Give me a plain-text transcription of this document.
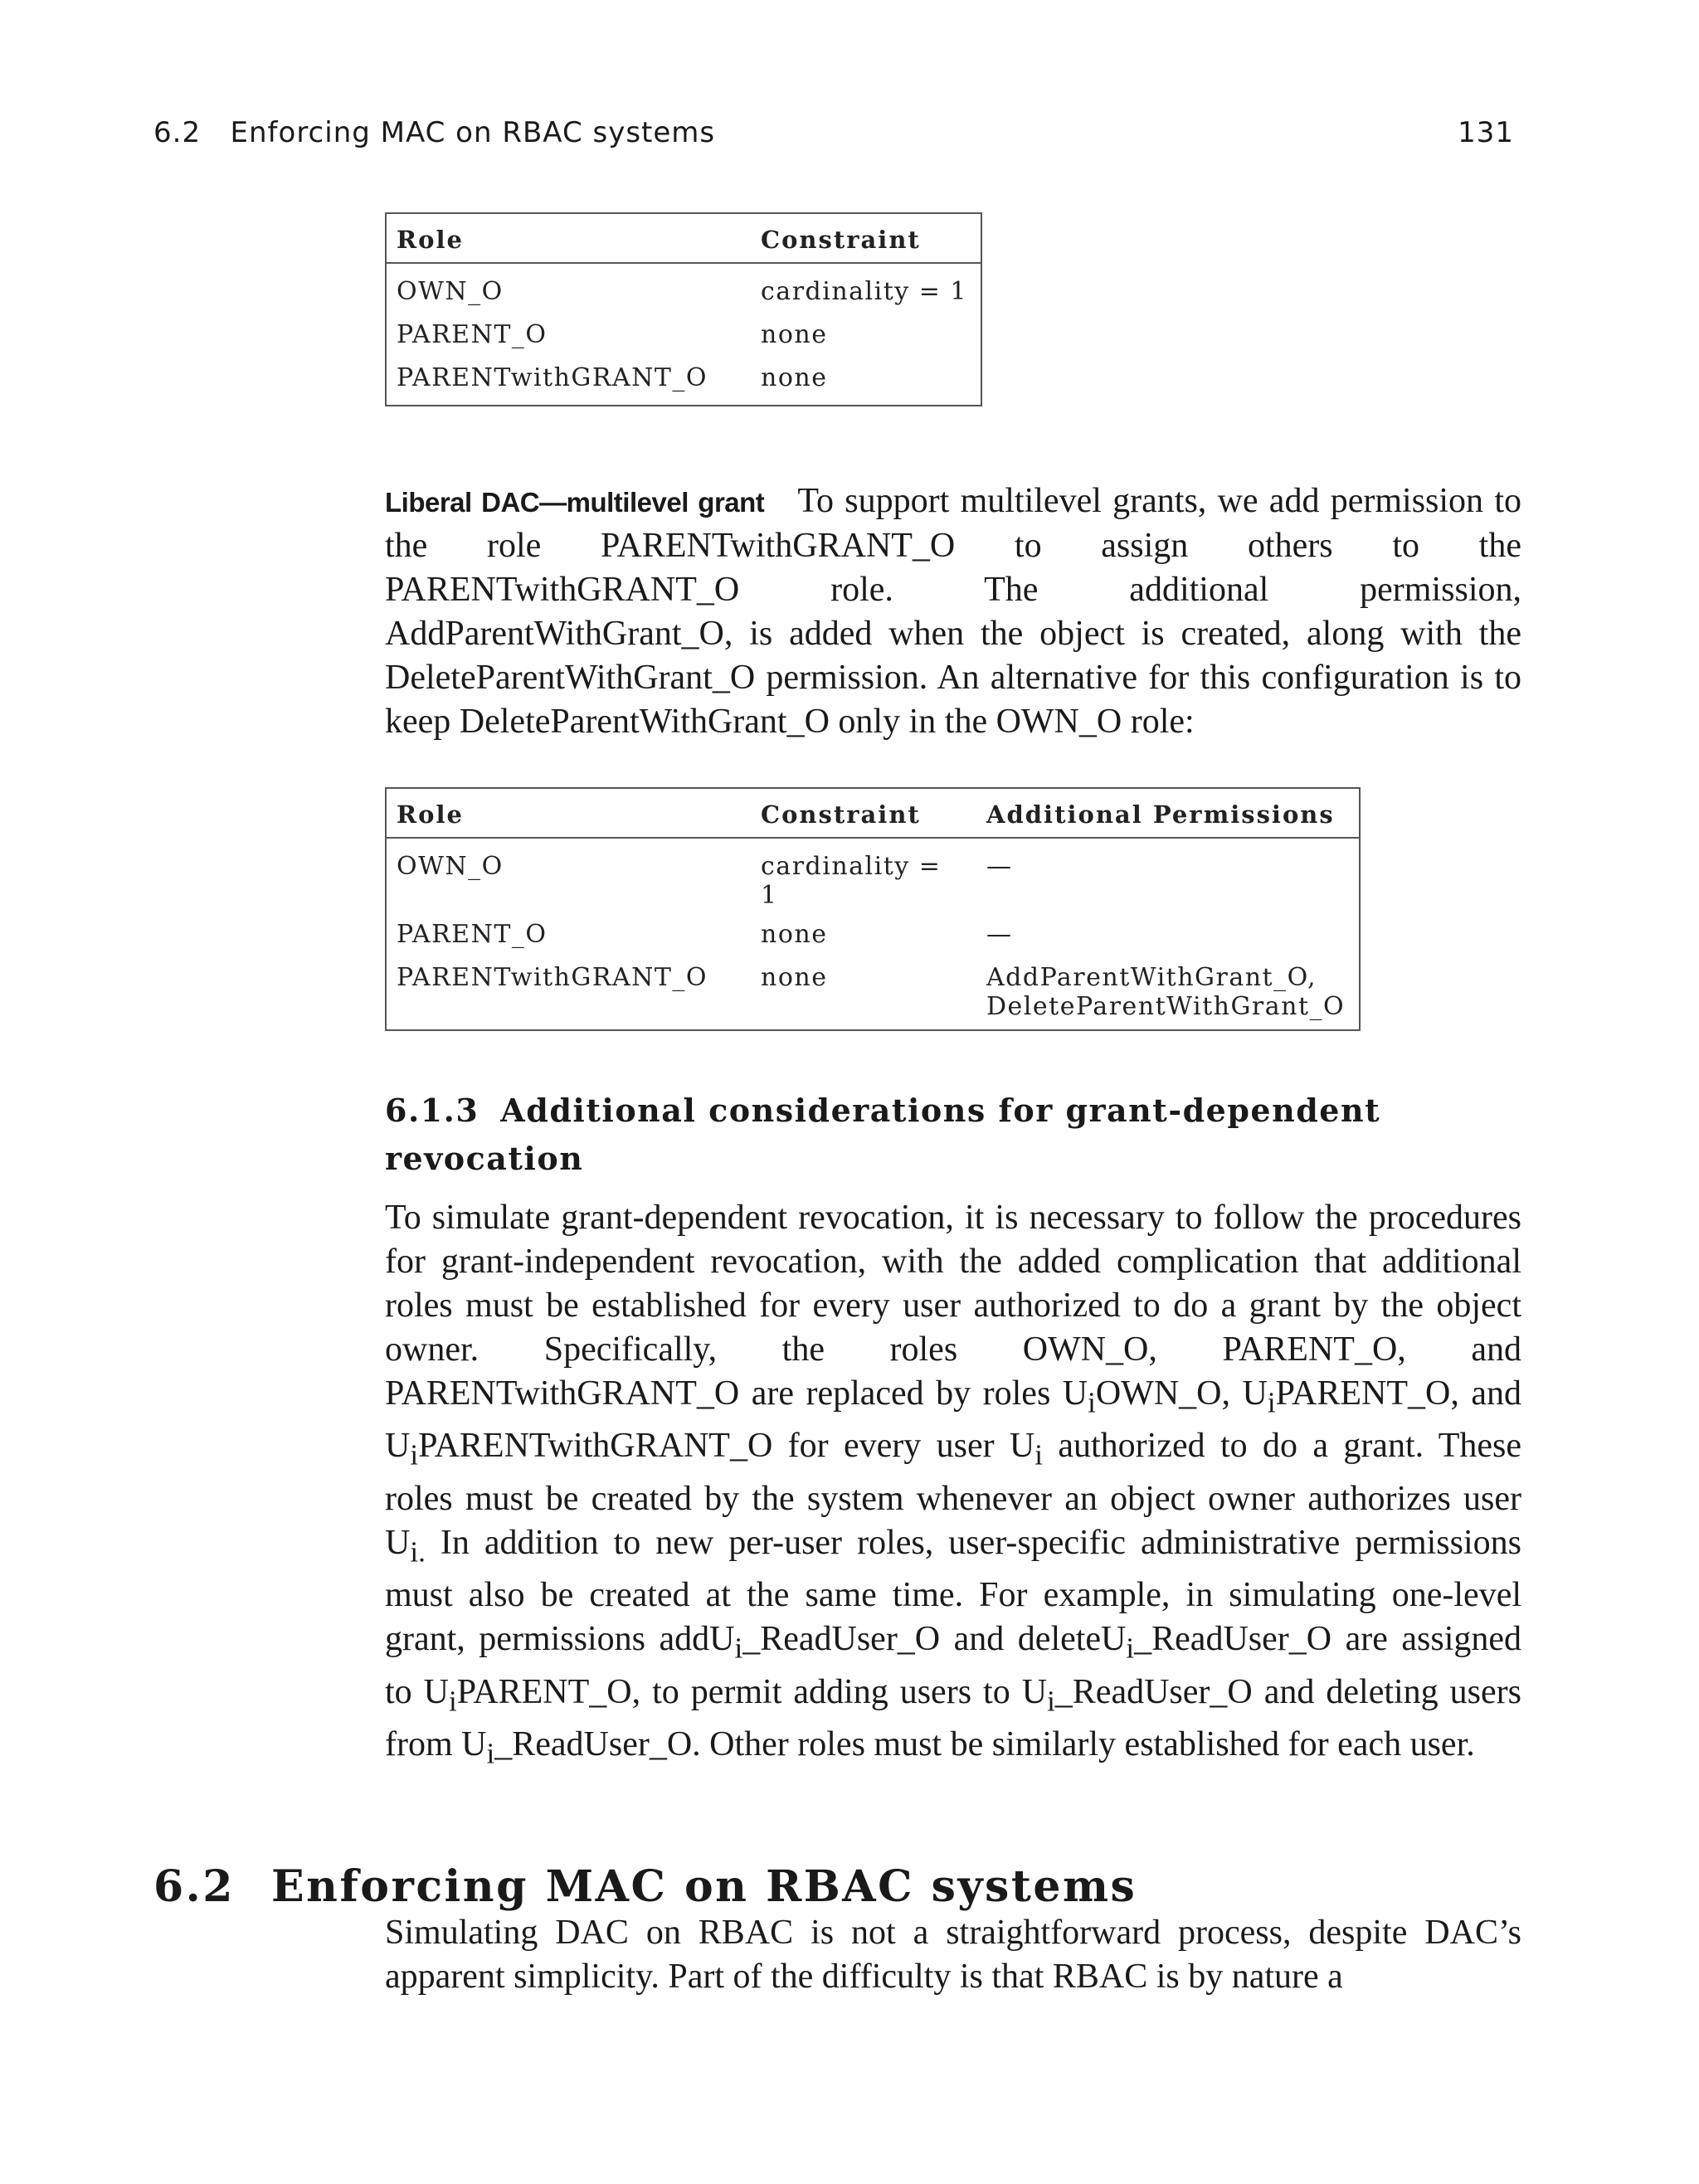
6.2 Enforcing MAC on RBAC systems	131
Role	Constraint
OWN_O	cardinality = 1
PARENT_O	none
PARENTwithGRANT_O	none
Liberal DAC—multilevel grant To support multilevel grants, we add permission to the role PARENTwithGRANT_O to assign others to the PARENTwithGRANT_O role. The additional permission, AddParentWithGrant_O, is added when the object is created, along with the DeleteParentWithGrant_O permission. An alternative for this configuration is to keep DeleteParentWithGrant_O only in the OWN_O role:
Role	Constraint	Additional Permissions
OWN_O	cardinality = 1	—
PARENT_O	none	—
PARENTwithGRANT_O	none	AddParentWithGrant_O,
DeleteParentWithGrant_O
6.1.3 Additional considerations for grant-dependent revocation
To simulate grant-dependent revocation, it is necessary to follow the procedures for grant-independent revocation, with the added complication that additional roles must be established for every user authorized to do a grant by the object owner. Specifically, the roles OWN_O, PARENT_O, and PARENTwithGRANT_O are replaced by roles $U_iOWN\_O$, $U_iPARENT\_O$, and $U_iPARENTwithGRANT\_O$ for every user $U_i$ authorized to do a grant. These roles must be created by the system whenever an object owner authorizes user $U_{i.}$ In addition to new per-user roles, user-specific administrative permissions must also be created at the same time. For example, in simulating one-level grant, permissions addU$_i$_ReadUser_O and deleteU$_i$_ReadUser_O are assigned to $U_iPARENT\_O$, to permit adding users to $U_i\_ReadUser\_O$ and deleting users from $U_i\_ReadUser\_O$. Other roles must be similarly established for each user.
6.2 Enforcing MAC on RBAC systems
Simulating DAC on RBAC is not a straightforward process, despite DAC’s apparent simplicity. Part of the difficulty is that RBAC is by nature a
